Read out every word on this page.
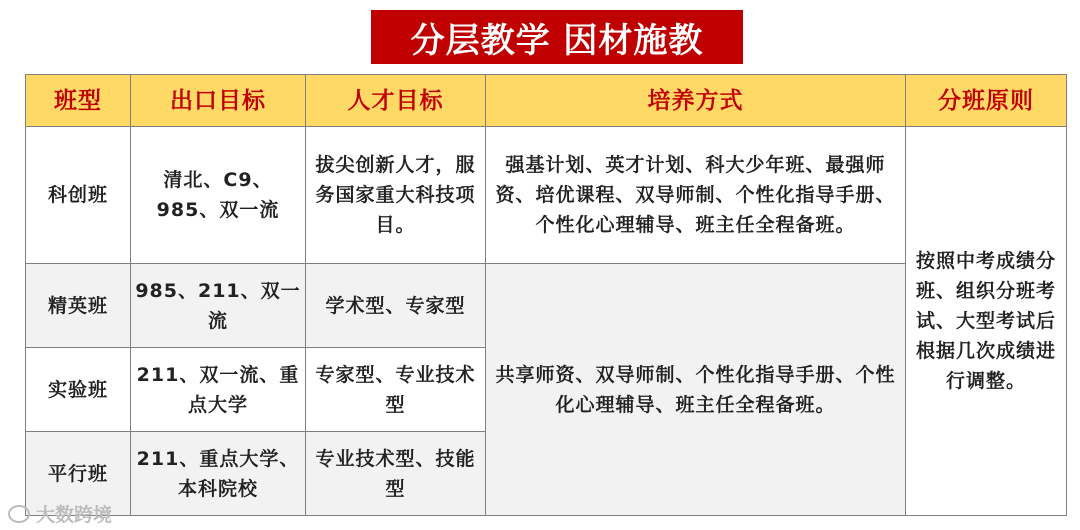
分层教学 因材施教
班型	出口目标	人才目标	培养方式	分班原则
科创班	清北、C9、985、双一流	拔尖创新人才，服务国家重大科技项目。	强基计划、英才计划、科大少年班、最强师资、培优课程、双导师制、个性化指导手册、个性化心理辅导、班主任全程备班。	按照中考成绩分班、组织分班考试、大型考试后根据几次成绩进行调整。
精英班	985、211、双一流	学术型、专家型	共享师资、双导师制、个性化指导手册、个性化心理辅导、班主任全程备班。	
实验班	211、双一流、重点大学	专家型、专业技术型		
平行班	211、重点大学、本科院校	专业技术型、技能型		
大数跨境
